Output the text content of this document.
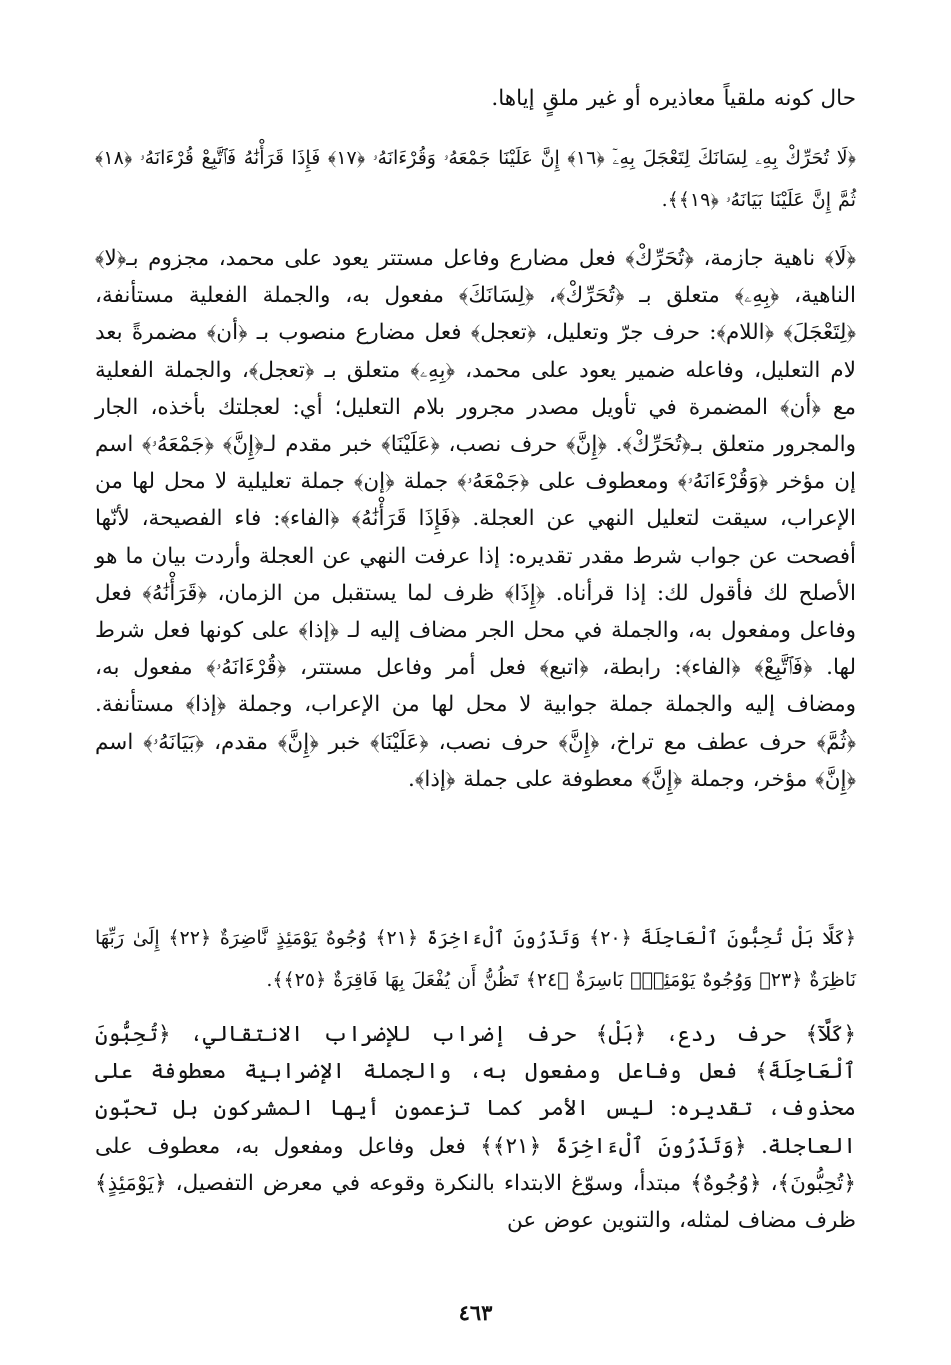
حال كونه ملقياً معاذيره أو غير ملقٍ إياها.

﴿لَا تُحَرِّكْ بِهِۦ لِسَانَكَ لِتَعْجَلَ بِهِۦٓ ﴿١٦﴾ إِنَّ عَلَيْنَا جَمْعَهُۥ وَقُرْءَانَهُۥ ﴿١٧﴾ فَإِذَا قَرَأْنَٰهُ فَٱتَّبِعْ قُرْءَانَهُۥ ﴿١٨﴾ ثُمَّ إِنَّ عَلَيْنَا بَيَانَهُۥ ﴿١٩﴾﴾.

﴿لَا﴾ ناهية جازمة، ﴿تُحَرِّكْ﴾ فعل مضارع وفاعل مستتر يعود على محمد، مجزوم بـ﴿لا﴾ الناهية، ﴿بِهِۦ﴾ متعلق بـ ﴿تُحَرِّكْ﴾، ﴿لِسَانَكَ﴾ مفعول به، والجملة الفعلية مستأنفة، ﴿لِتَعْجَلَ﴾ ﴿اللام﴾: حرف جرّ وتعليل، ﴿تعجل﴾ فعل مضارع منصوب بـ ﴿أن﴾ مضمرةً بعد لام التعليل، وفاعله ضمير يعود على محمد، ﴿بِهِۦ﴾ متعلق بـ ﴿تعجل﴾، والجملة الفعلية مع ﴿أن﴾ المضمرة في تأويل مصدر مجرور بلام التعليل؛ أي: لعجلتك بأخذه، الجار والمجرور متعلق بـ﴿تُحَرِّكْ﴾. ﴿إِنَّ﴾ حرف نصب، ﴿عَلَيْنَا﴾ خبر مقدم لـ﴿إِنَّ﴾ ﴿جَمْعَهُۥ﴾ اسم إن مؤخر ﴿وَقُرْءَانَهُۥ﴾ ومعطوف على ﴿جَمْعَهُۥ﴾ جملة ﴿إن﴾ جملة تعليلية لا محل لها من الإعراب، سيقت لتعليل النهي عن العجلة. ﴿فَإِذَا قَرَأْنَٰهُ﴾ ﴿الفاء﴾: فاء الفصيحة، لأنّها أفصحت عن جواب شرط مقدر تقديره: إذا عرفت النهي عن العجلة وأردت بيان ما هو الأصلح لك فأقول لك: إذا قرأناه. ﴿إِذَا﴾ ظرف لما يستقبل من الزمان، ﴿قَرَأْنَٰهُ﴾ فعل وفاعل ومفعول به، والجملة في محل الجر مضاف إليه لـ ﴿إذا﴾ على كونها فعل شرط لها. ﴿فَٱتَّبِعْ﴾ ﴿الفاء﴾: رابطة، ﴿اتبع﴾ فعل أمر وفاعل مستتر، ﴿قُرْءَانَهُۥ﴾ مفعول به، ومضاف إليه والجملة جملة جوابية لا محل لها من الإعراب، وجملة ﴿إذا﴾ مستأنفة. ﴿ثُمَّ﴾ حرف عطف مع تراخ، ﴿إِنَّ﴾ حرف نصب، ﴿عَلَيْنَا﴾ خبر ﴿إِنَّ﴾ مقدم، ﴿بَيَانَهُۥ﴾ اسم ﴿إِنَّ﴾ مؤخر، وجملة ﴿إِنَّ﴾ معطوفة على جملة ﴿إذا﴾.

﴿كَلَّا بَلْ تُحِبُّونَ ٱلْعَاجِلَةَ ﴿٢٠﴾ وَتَذَرُونَ ٱلْءَاخِرَةَ ﴿٢١﴾ وُجُوهٌ يَوْمَئِذٍ نَّاضِرَةٌ ﴿٢٢﴾ إِلَىٰ رَبِّهَا نَاظِرَةٌ ﴿٢٣﴾ وَوُجُوهٌ يَوْمَئِذٍۭ بَاسِرَةٌ ﴿٢٤﴾ تَظُنُّ أَن يُفْعَلَ بِهَا فَاقِرَةٌ ﴿٢٥﴾﴾.

﴿كَلَّآ﴾ حرف ردع، ﴿بَلْ﴾ حرف إضراب للإضراب الانتقالي، ﴿تُحِبُّونَ ٱلْعَاجِلَةَ﴾ فعل وفاعل ومفعول به، والجملة الإضرابية معطوفة على محذوف، تقديره: ليس الأمر كما تزعمون أيها المشركون بل تحبّون العاجلة. ﴿وَتَذَرُونَ ٱلْءَاخِرَةَ ﴿٢١﴾﴾ فعل وفاعل ومفعول به، معطوف على ﴿تُحِبُّونَ﴾، ﴿وُجُوهٌ﴾ مبتدأ، وسوّغ الابتداء بالنكرة وقوعه في معرض التفصيل، ﴿يَوْمَئِذٍ﴾ ظرف مضاف لمثله، والتنوين عوض عن

٤٦٣
